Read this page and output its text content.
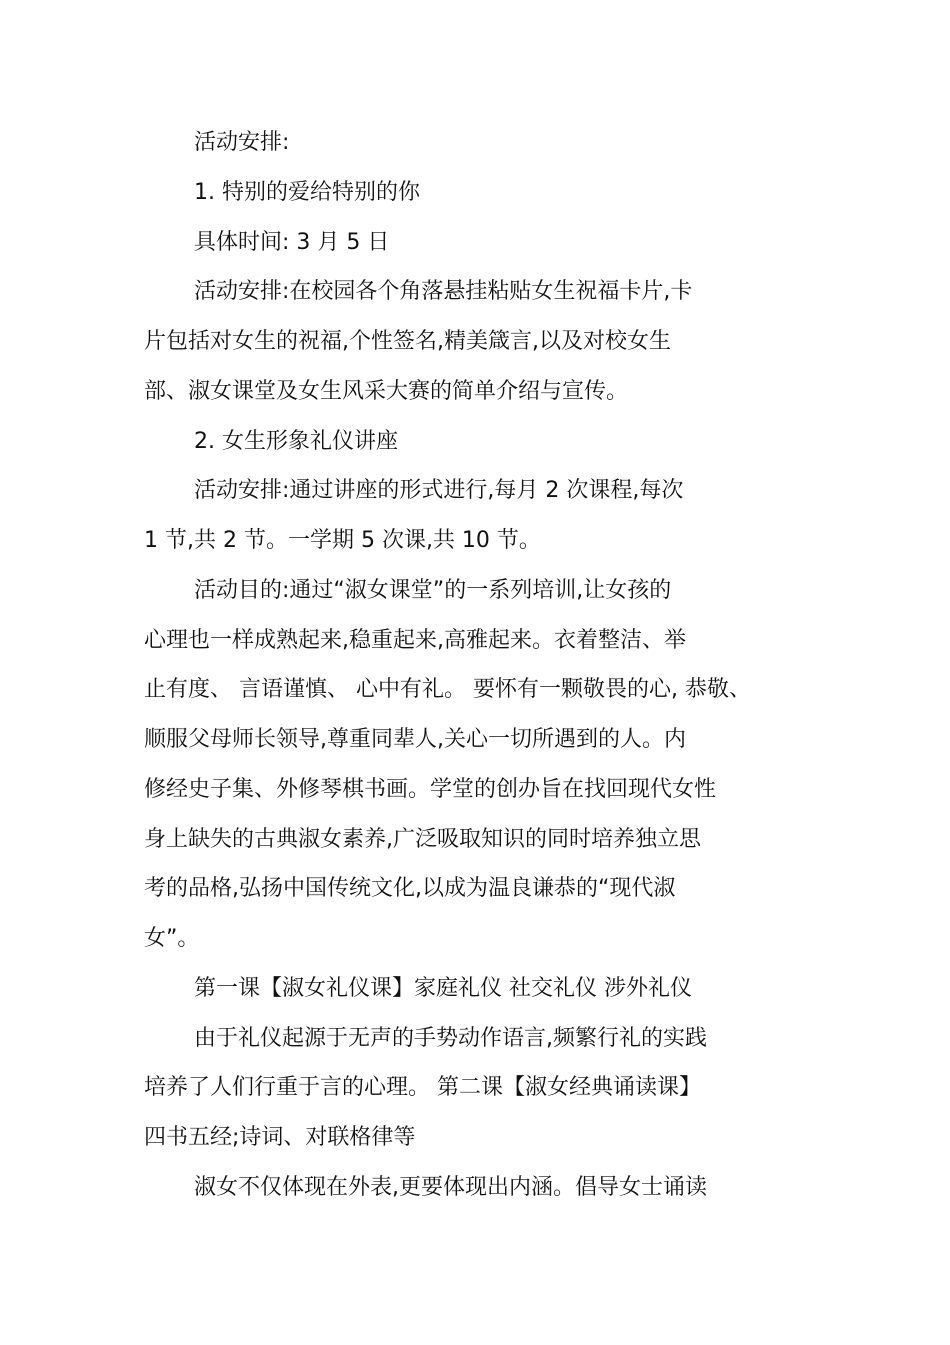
活动安排:
1. 特别的爱给特别的你
具体时间: 3 月 5 日
活动安排:在校园各个角落悬挂粘贴女生祝福卡片,卡
片包括对女生的祝福,个性签名,精美箴言,以及对校女生
部、淑女课堂及女生风采大赛的简单介绍与宣传。
2. 女生形象礼仪讲座
活动安排:通过讲座的形式进行,每月 2 次课程,每次
1 节,共 2 节。一学期 5 次课,共 10 节。
活动目的:通过“淑女课堂”的一系列培训,让女孩的
心理也一样成熟起来,稳重起来,高雅起来。衣着整洁、举
止有度、 言语谨慎、 心中有礼。 要怀有一颗敬畏的心, 恭敬、
顺服父母师长领导,尊重同辈人,关心一切所遇到的人。内
修经史子集、外修琴棋书画。学堂的创办旨在找回现代女性
身上缺失的古典淑女素养,广泛吸取知识的同时培养独立思
考的品格,弘扬中国传统文化,以成为温良谦恭的“现代淑
女”。
第一课【淑女礼仪课】家庭礼仪 社交礼仪 涉外礼仪
由于礼仪起源于无声的手势动作语言,频繁行礼的实践
培养了人们行重于言的心理。 第二课【淑女经典诵读课】
四书五经;诗词、对联格律等
淑女不仅体现在外表,更要体现出内涵。倡导女士诵读
